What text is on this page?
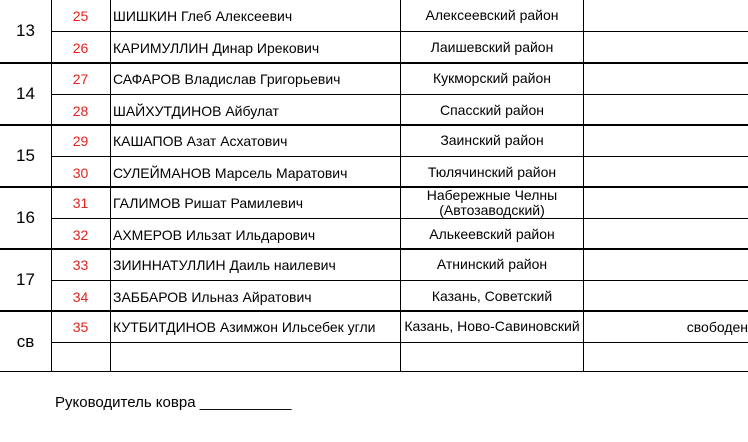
13
25	ШИШКИН Глеб Алексеевич	Алексеевский район
26	КАРИМУЛЛИН Динар Ирекович	Лаишевский район
14
27	САФАРОВ Владислав Григорьевич	Кукморский район
28	ШАЙХУТДИНОВ Айбулат	Спасский район
15
29	КАШАПОВ Азат Асхатович	Заинский район
30	СУЛЕЙМАНОВ Марсель Маратович	Тюлячинский район
16
31	ГАЛИМОВ Ришат Рамилевич	Набережные Челны (Автозаводский)
32	АХМЕРОВ Ильзат Ильдарович	Алькеевский район
17
33	ЗИИННАТУЛЛИН Даиль наилевич	Атнинский район
34	ЗАББАРОВ Ильназ Айратович	Казань, Советский
св
35	КУТБИТДИНОВ Азимжон Ильсебек угли	Казань, Ново-Савиновский	свободен
Руководитель ковра ___________
